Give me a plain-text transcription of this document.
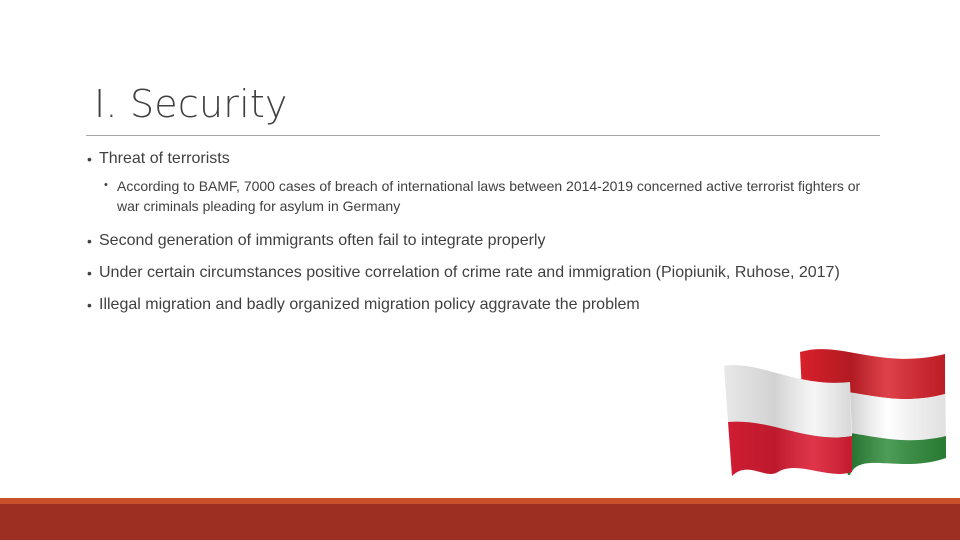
I. Security
• Threat of terrorists
• According to BAMF, 7000 cases of breach of international laws between 2014-2019 concerned active terrorist fighters or war criminals pleading for asylum in Germany
• Second generation of immigrants often fail to integrate properly
• Under certain circumstances positive correlation of crime rate and immigration (Piopiunik, Ruhose, 2017)
• Illegal migration and badly organized migration policy aggravate the problem
